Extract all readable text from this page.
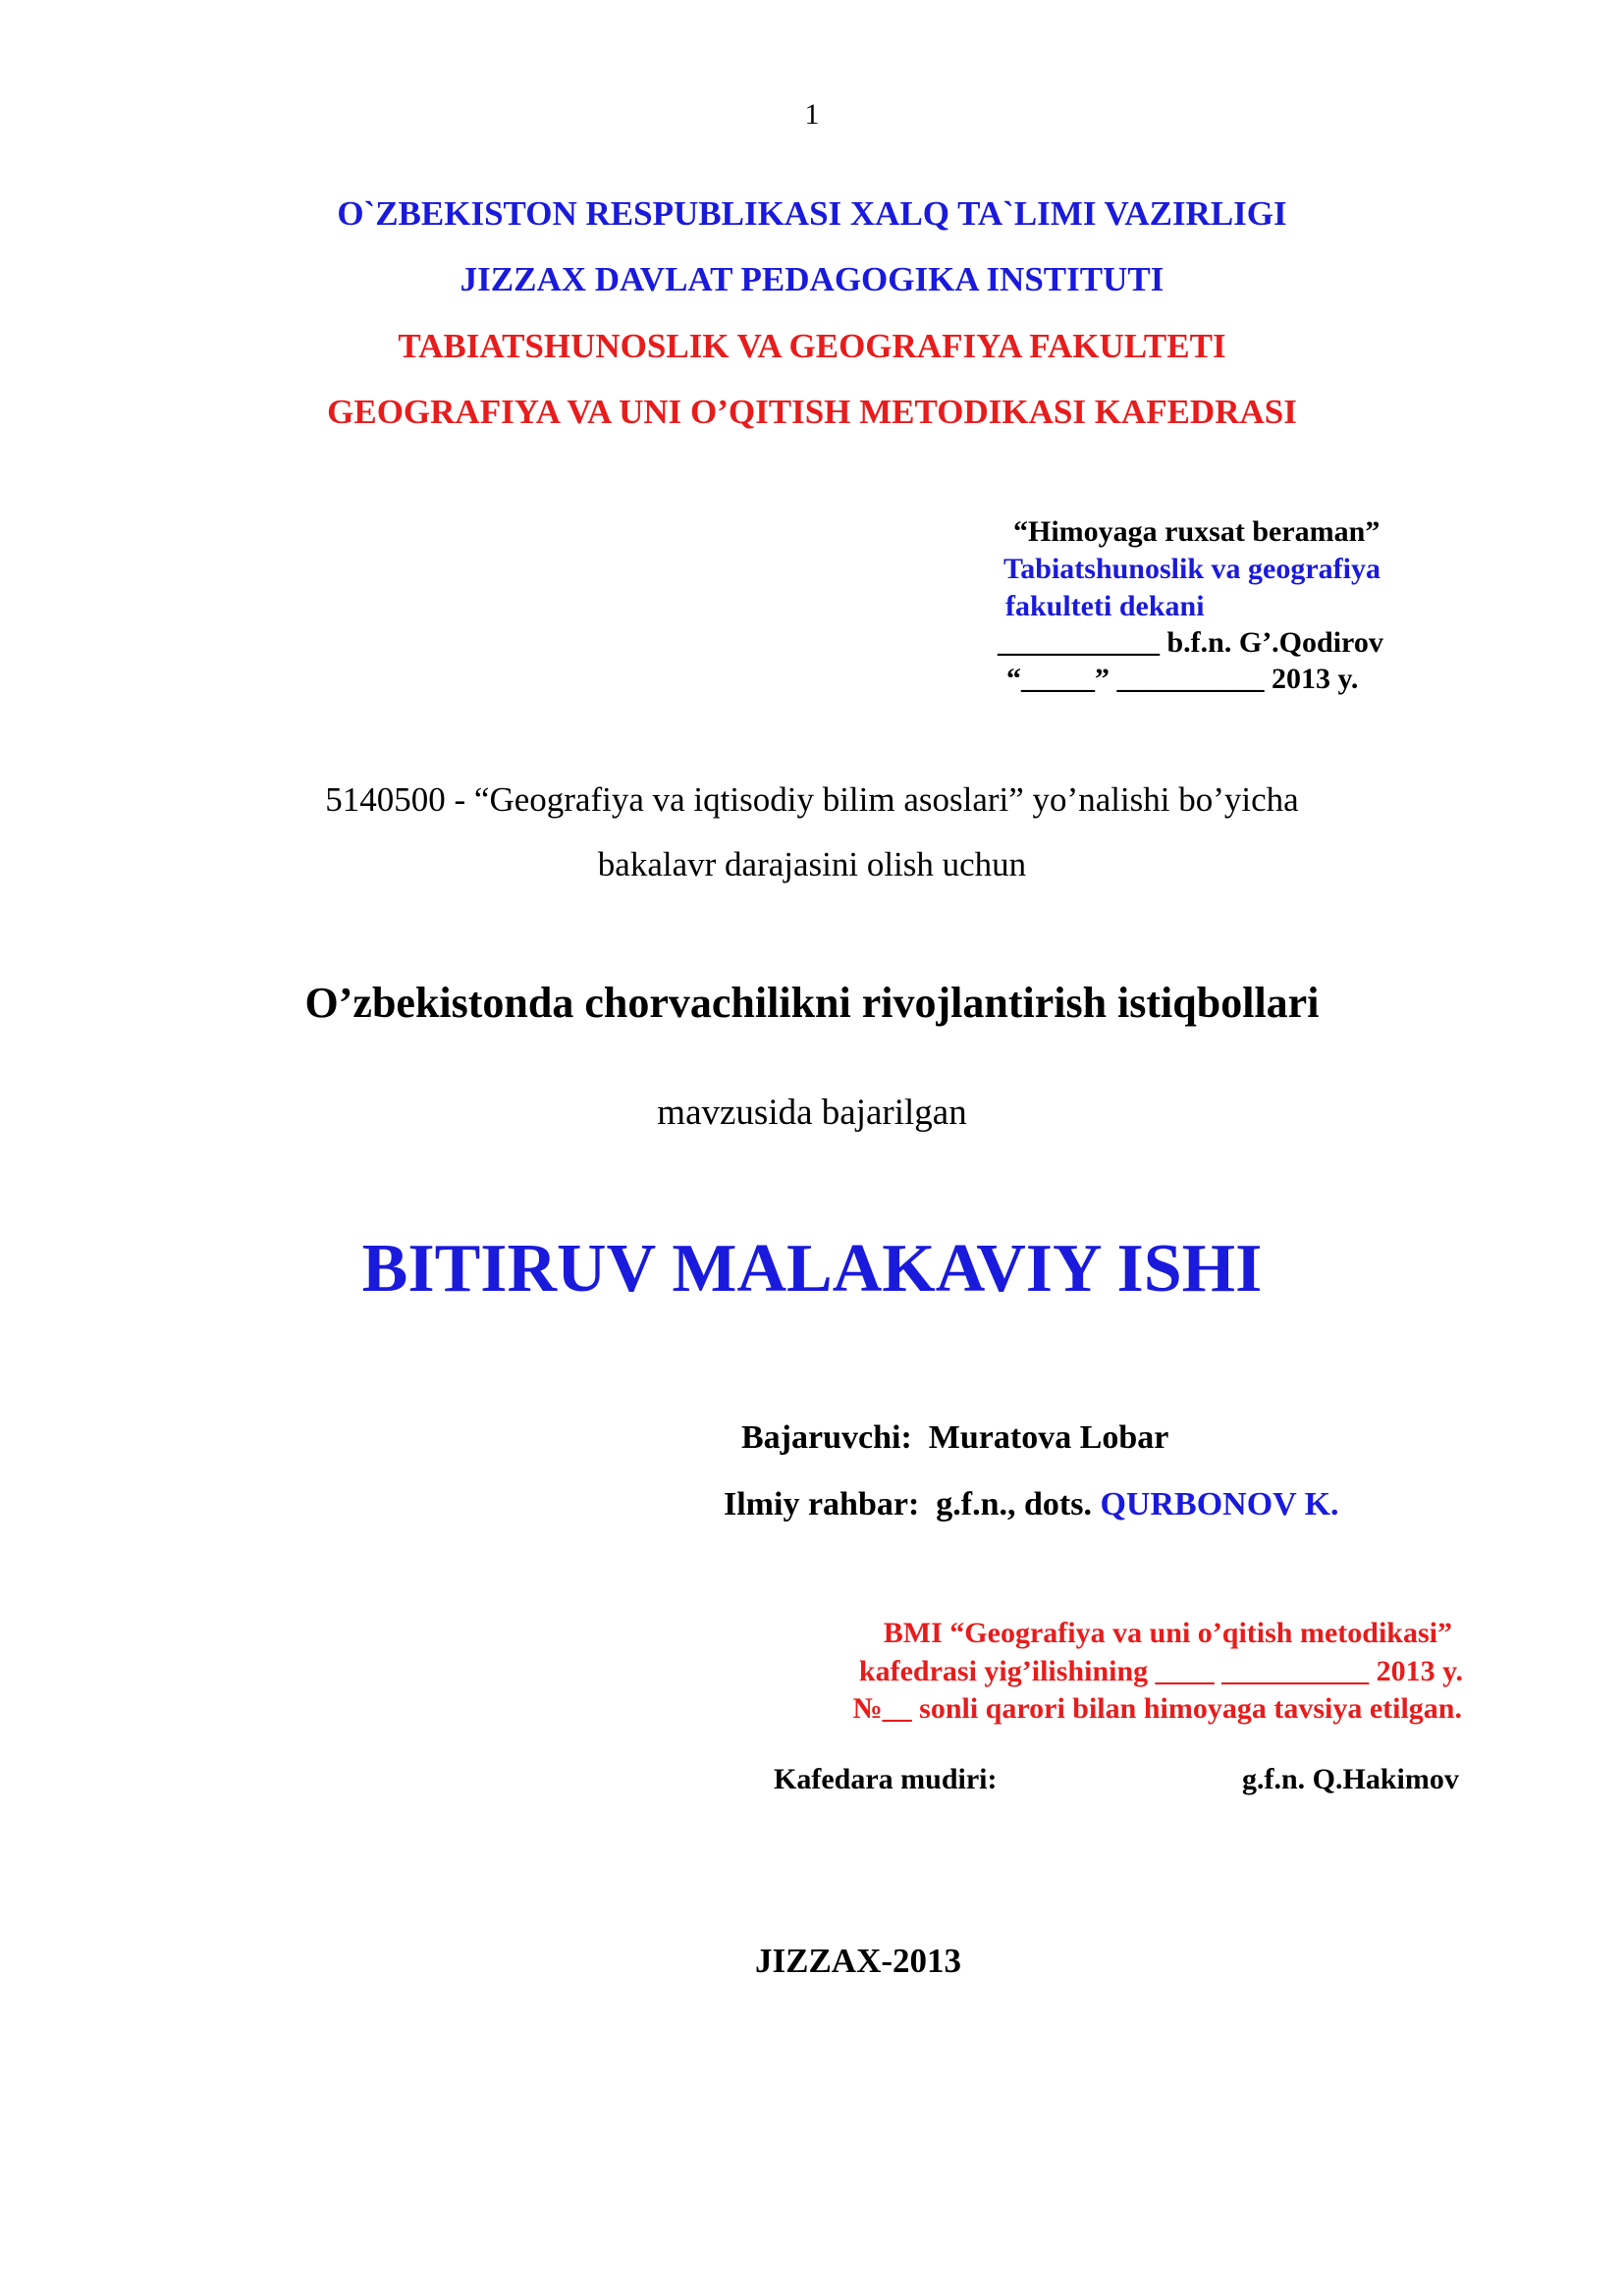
1
O`ZBEKISTON RESPUBLIKASI XALQ TA`LIMI VAZIRLIGI
JIZZAX DAVLAT PEDAGOGIKA INSTITUTI
TABIATSHUNOSLIK VA GEOGRAFIYA FAKULTETI
GEOGRAFIYA VA UNI O’QITISH METODIKASI KAFEDRASI
“Himoyaga ruxsat beraman”
Tabiatshunoslik va geografiya
fakulteti dekani
___________ b.f.n. G’.Qodirov
“_____” __________ 2013 y.
5140500 - “Geografiya va iqtisodiy bilim asoslari” yo’nalishi bo’yicha
bakalavr darajasini olish uchun
O’zbekistonda chorvachilikni rivojlantirish istiqbollari
mavzusida bajarilgan
BITIRUV MALAKAVIY ISHI
Bajaruvchi: Muratova Lobar
Ilmiy rahbar: g.f.n., dots. QURBONOV K.
BMI “Geografiya va uni o’qitish metodikasi”
kafedrasi yig’ilishining ____ __________ 2013 y.
№__ sonli qarori bilan himoyaga tavsiya etilgan.
Kafedara mudiri:	g.f.n. Q.Hakimov
JIZZAX-2013
